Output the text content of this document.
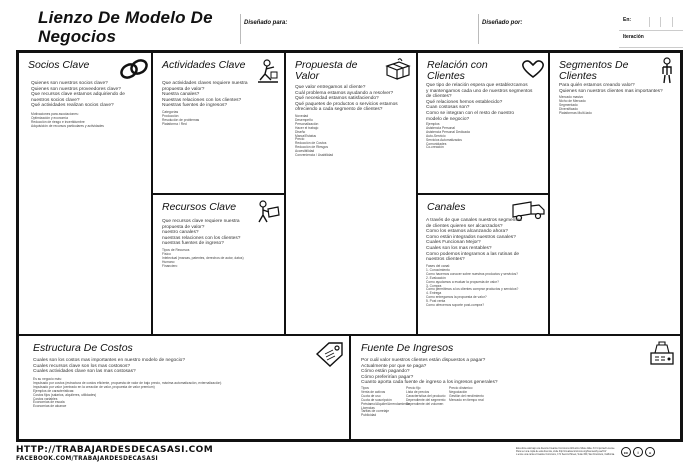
Lienzo De Modelo De
Negocios
Diseñado para:	Diseñado por:	En:
Iteración
Socios Clave
Quienes son nuestros socios clave?
Quienes son nuestros proveedores clave?
Que recursos clave estamos adquiriendo de
nuestros socios clave?
Qué actividades realizan socios clave?
Motivaciones para asociaciones:
Optimización y economía
Reducción de riesgo e incertidumbre
Adquisición de recursos particulares y actividades
Actividades Clave
Que actividades claves requiere nuestra
propuesta de valor?
Nuestra canales?
Nuestras relaciones con los clientes?
Nuestras fuentes de ingresos?
Categorías
Producción
Resolución de problemas
Plataforma / Red
Recursos Clave
Que recursos clave requiere nuestra
propuesta de valor?
nuestro canales?
nuestras relaciones con los clientes?
nuestras fuentes de ingreso?
Tipos de Recursos
Físico
Intelectual (marcas, patentes, derechos de autor, datos)
Humano
Financiero
Propuesta de
Valor
Que valor entregamos al cliente?
Cuál problema estamos ayudando a resolver?
Qué necesidad estamos satisfaciendo?
Qué paquetes de productos o servicios estamos
ofreciendo a cada segmento de clientes?
Novedad
Desempeño
Personalización
Hacer el trabajo
Diseño
Marca/Estatus
Precio
Reducción de Costos
Reducción de Riesgos
Accesibilidad
Conveniencia / Usabilidad
Relación con
Clientes
Que tipo de relación espera que establezcamos
y mantengamos cada uno de nuestros segmentos
de clientes?
Qué relaciones hemos establecido?
Cuan costosas son?
Como se integran con el resto de nuestro
modelo de negocio?
Ejemplos
Asistencia Personal
Asistencia Personal Dedicada
Auto-Servicio
Servicios Automatizados
Comunidades
Co-creación
Canales
A través de que canales nuestros segmentos
de clientes quieren ser alcanzados?
Como los estamos alcanzando ahora?
Como están integrados nuestros canales?
Cuales Funcionan Mejor?
Cuales son los mas rentables?
Como podemos integrarnos a las rutinas de
nuestros clientes?
Fases del canal:
1. Conocimiento
Como hacemos conocer sobre nuestros productos y servicios?
2. Evaluación
Como ayudamos a evaluar la propuesta de valor?
3. Compra
Como permitimos a los clientes comprar productos y servicios?
4. Entrega
Como entregamos la propuesta de valor?
5. Post venta
Como ofrecemos soporte post-compra?
Segmentos De
Clientes
Para quién estamos creando valor?
Quienes son nuestros clientes mas importantes?
Mercado masivo
Nicho de Mercado
Segmentado
Diversificado
Plataformas Multi-lado
Estructura De Costos
Cuales son los costos mas importantes en nuestro modelo de negocio?
Cuales recursos clave son los mas costosos?
Cuales actividades clave son las mas costosas?
Es su negocio más:
Impulsado por costos (estructura de costos eficiente, propuesta de valor de bajo precio, máxima automatización, externalización)
Impulsado por valor (centrado en la creación de valor, propuesta de valor premium)
Ejemplos de características:
Costos fijos (salarios, alquileres, utilidades)
Costos variables
Economías de escala
Economías de alcance
Fuente De Ingresos
Por cuál valor nuestros clientes están dispuestos a pagar?
Actualmente por que se paga?
Cómo están pagando?
Cómo preferirían pagar?
Cuanto aporta cada fuente de ingreso a los ingresos generales?
Tipos
Venta de activos
Cuota de uso
Cuota de suscripción
Préstamo/Alquiler/Arrendamiento
Licencias
Tarifas de corretaje
Publicidad
Precio fijo
Lista de precios
Característica del producto
Dependiente del segmento
Dependiente del volumen
Precio dinámico
Negociación
Gestión del rendimiento
Mercado en tiempo real
HTTP://TRABAJARDESDECASASI.COM
FACEBOOK.COM/TRABAJARDESDECASASI
Esta obra está bajo una licencia Creative Commons Atribución-Share Alike 3.0 Unported License.
Para ver una copia de esta licencia, visite http://creativecommons.org/licenses/by-sa/3.0/
o envíe una carta a Creative Commons, 171 Second Street, Suite 300, San Francisco, California.
cc	i	=
